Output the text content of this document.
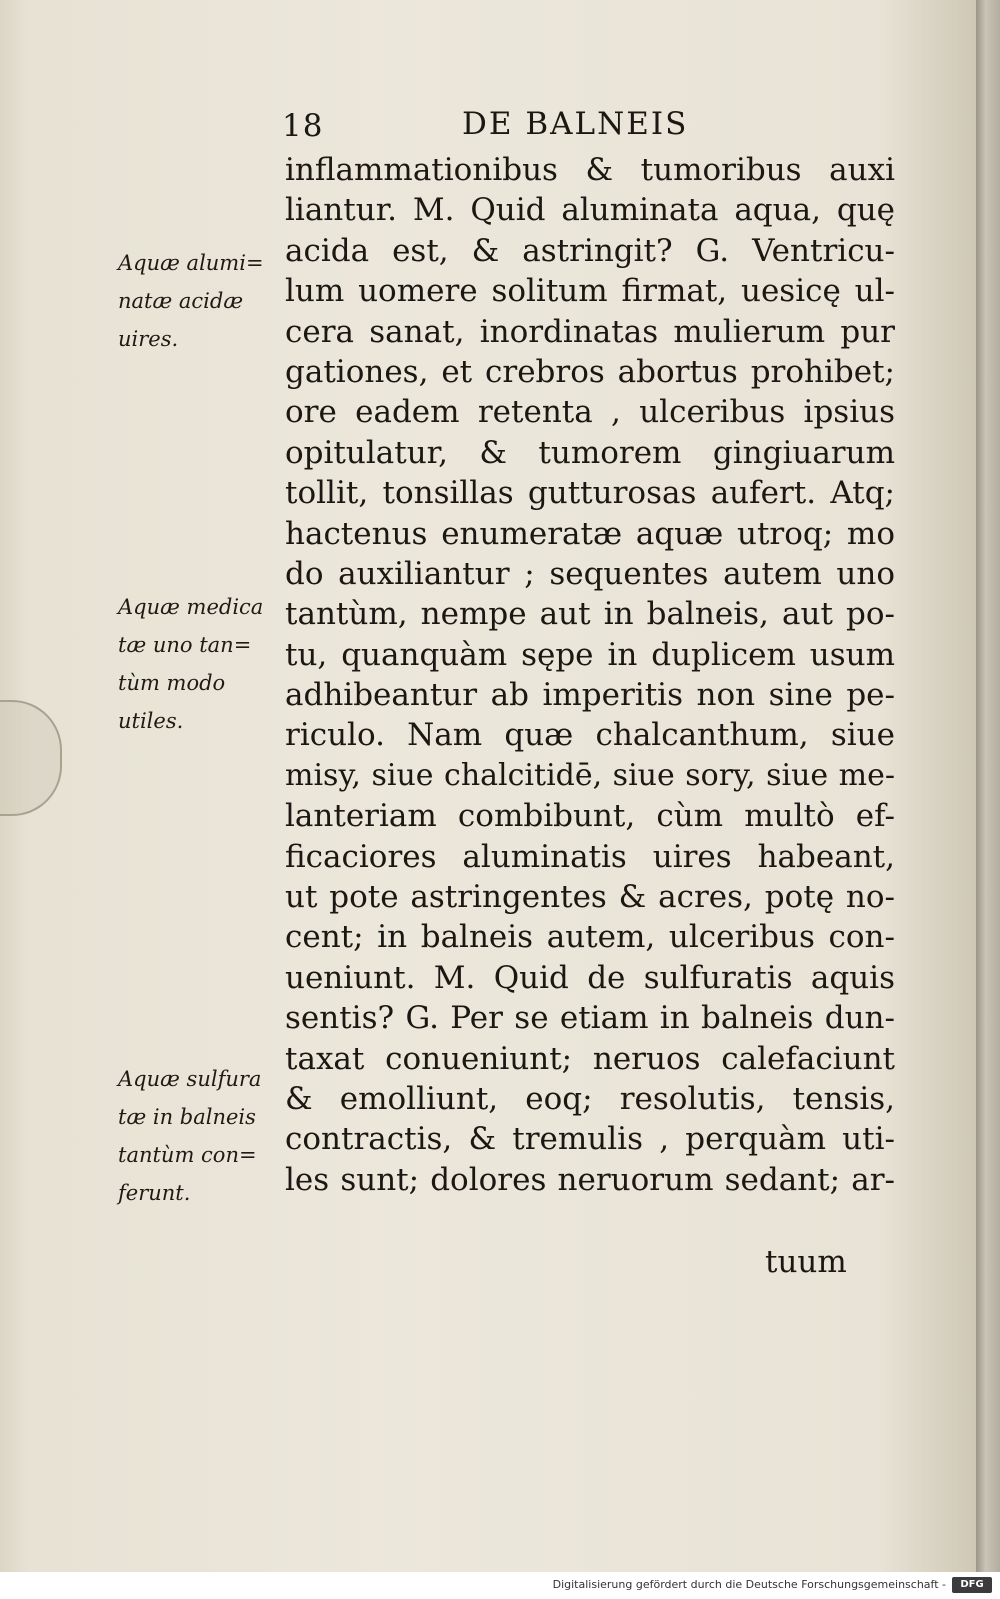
18	DE BALNEIS
inflammationibus & tumoribus auxi
liantur. M. Quid aluminata aqua, quę
acida est, & astringit? G. Ventricu-
lum uomere solitum firmat, uesicę ul-
cera sanat, inordinatas mulierum pur
gationes, et crebros abortus prohibet;
ore eadem retenta , ulceribus ipsius
opitulatur, & tumorem gingiuarum
tollit, tonsillas gutturosas aufert. Atq;
hactenus enumeratæ aquæ utroq; mo
do auxiliantur ; sequentes autem uno
tantùm, nempe aut in balneis, aut po-
tu, quanquàm sępe in duplicem usum
adhibeantur ab imperitis non sine pe-
riculo. Nam quæ chalcanthum, siue
misy, siue chalcitidē, siue sory, siue me-
lanteriam combibunt, cùm multò ef-
ficaciores aluminatis uires habeant,
ut pote astringentes & acres, potę no-
cent; in balneis autem, ulceribus con-
ueniunt. M. Quid de sulfuratis aquis
sentis? G. Per se etiam in balneis dun-
taxat conueniunt; neruos calefaciunt
& emolliunt, eoq; resolutis, tensis,
contractis, & tremulis , perquàm uti-
les sunt; dolores neruorum sedant; ar-
tuum
Aquæ alumi=
natæ acidæ
uires.
Aquæ medica
tæ uno tan=
tùm modo
utiles.
Aquæ sulfura
tæ in balneis
tantùm con=
ferunt.
Digitalisierung gefördert durch die Deutsche Forschungsgemeinschaft -	DFG
